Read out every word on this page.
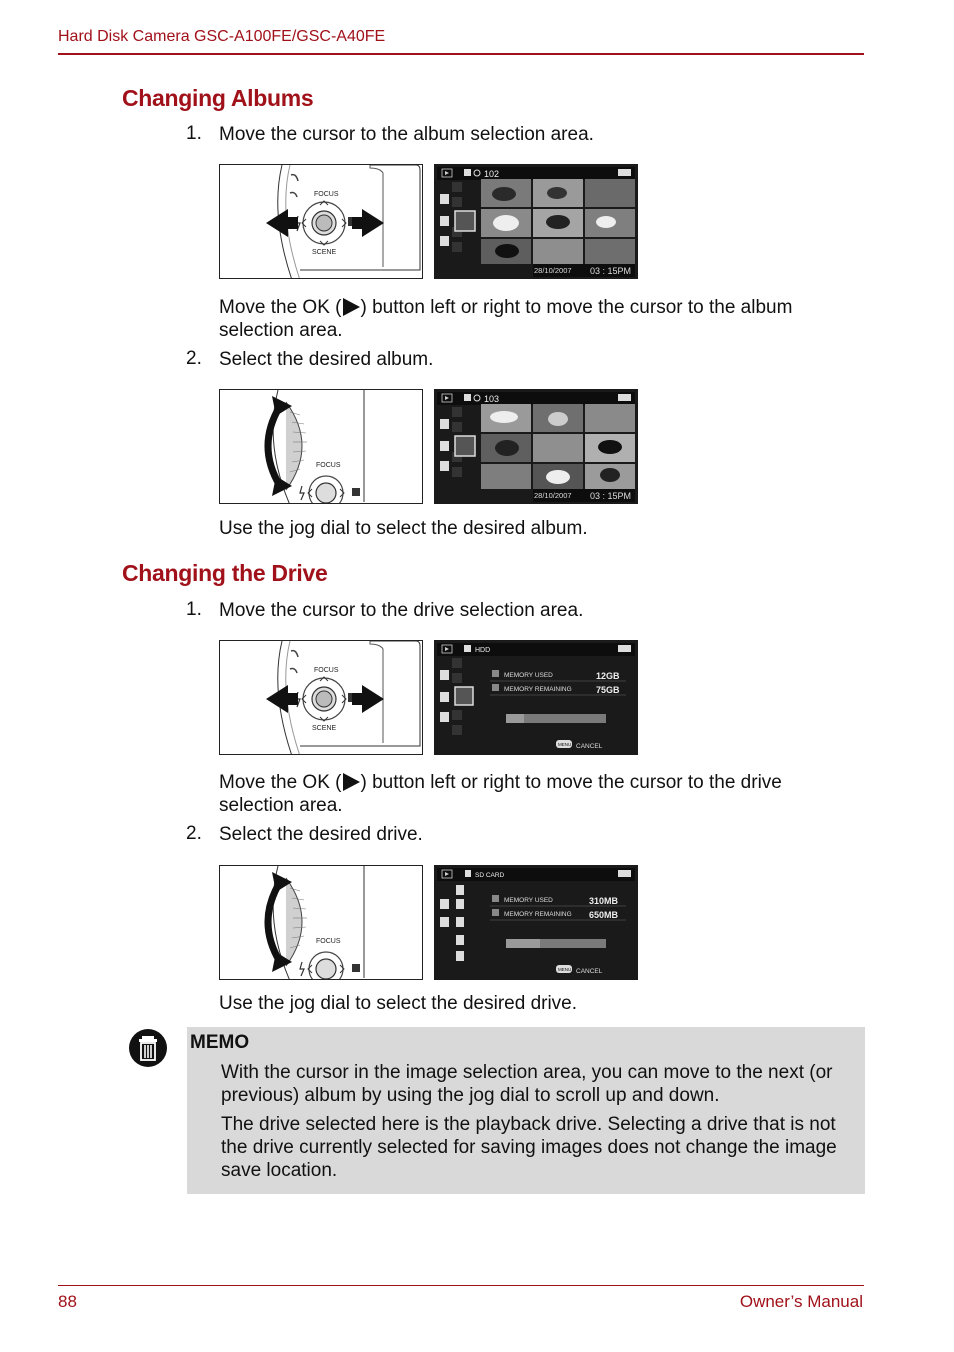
Hard Disk Camera GSC-A100FE/GSC-A40FE
Changing Albums
1. Move the cursor to the album selection area.
FOCUS
SCENE
102
28/10/2007 03 : 15PM
Move the OK ( ) button left or right to move the cursor to the album
selection area.
2. Select the desired album.
FOCUS
103
28/10/2007 03 : 15PM
Use the jog dial to select the desired album.
Changing the Drive
1. Move the cursor to the drive selection area.
FOCUS
SCENE
HDD
MEMORY USED	12GB
MEMORY REMAINING	75GB
MENU CANCEL
Move the OK ( ) button left or right to move the cursor to the drive
selection area.
2. Select the desired drive.
FOCUS
SD CARD
MEMORY USED	310MB
MEMORY REMAINING 650MB
MENU CANCEL
Use the jog dial to select the desired drive.
MEMO
With the cursor in the image selection area, you can move to the next (or previous) album by using the jog dial to scroll up and down.
The drive selected here is the playback drive. Selecting a drive that is not the drive currently selected for saving images does not change the image save location.
88	Owner’s Manual
